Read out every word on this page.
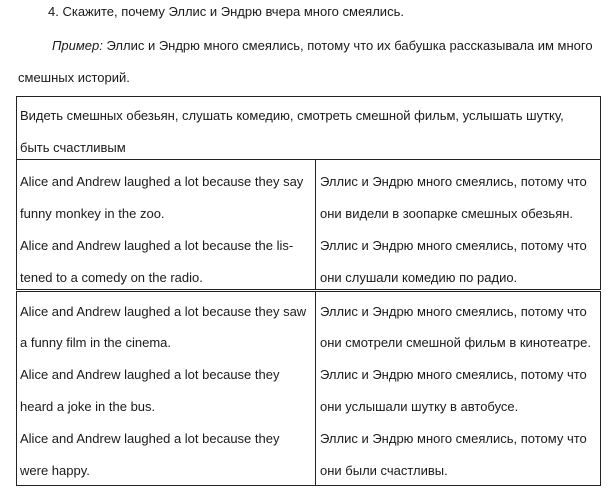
4. Скажите, почему Эллис и Эндрю вчера много смеялись.
Пример: Эллис и Эндрю много смеялись, потому что их бабушка рассказывала им много
смешных историй.
Видеть смешных обезьян, слушать комедию, смотреть смешной фильм, услышать шутку,
быть счастливым
Alice and Andrew laughed a lot because they say
funny monkey in the zoo.
Эллис и Эндрю много смеялись, потому что
они видели в зоопарке смешных обезьян.
Alice and Andrew laughed a lot because the lis-
tened to a comedy on the radio.
Эллис и Эндрю много смеялись, потому что
они слушали комедию по радио.
Alice and Andrew laughed a lot because they saw
a funny film in the cinema.
Эллис и Эндрю много смеялись, потому что
они смотрели смешной фильм в кинотеатре.
Alice and Andrew laughed a lot because they
heard a joke in the bus.
Эллис и Эндрю много смеялись, потому что
они услышали шутку в автобусе.
Alice and Andrew laughed a lot because they
were happy.
Эллис и Эндрю много смеялись, потому что
они были счастливы.
